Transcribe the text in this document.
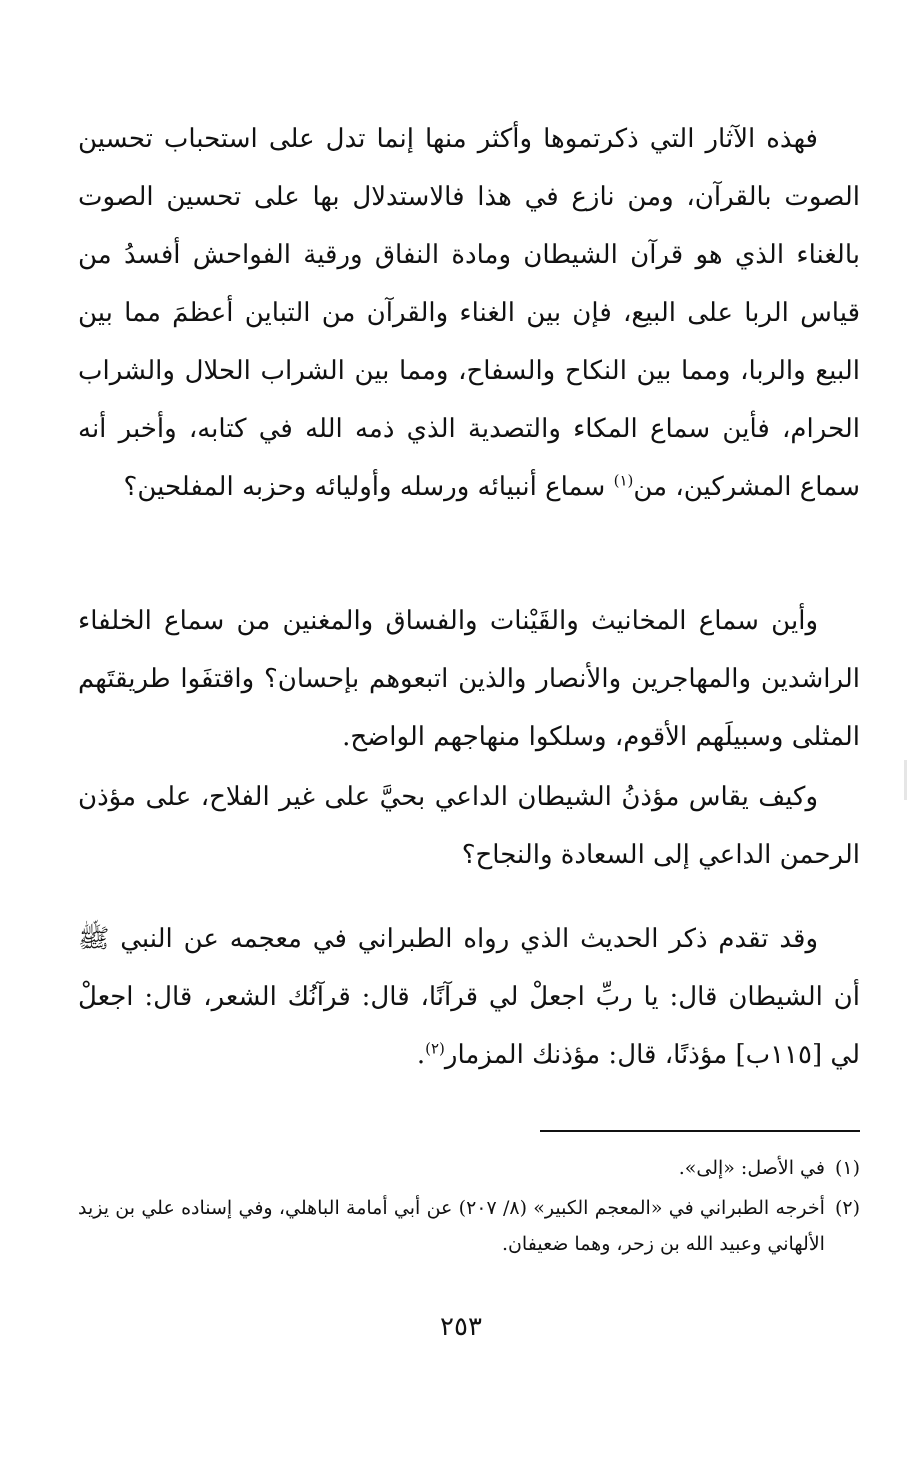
فهذه الآثار التي ذكرتموها وأكثر منها إنما تدل على استحباب تحسين الصوت بالقرآن، ومن نازع في هذا فالاستدلال بها على تحسين الصوت بالغناء الذي هو قرآن الشيطان ومادة النفاق ورقية الفواحش أفسدُ من قياس الربا على البيع، فإن بين الغناء والقرآن من التباين أعظمَ مما بين البيع والربا، ومما بين النكاح والسفاح، ومما بين الشراب الحلال والشراب الحرام، فأين سماع المكاء والتصدية الذي ذمه الله في كتابه، وأخبر أنه سماع المشركين، من$^{(١)}$ سماع أنبيائه ورسله وأوليائه وحزبه المفلحين؟

وأين سماع المخانيث والقَيْنات والفساق والمغنين من سماع الخلفاء الراشدين والمهاجرين والأنصار والذين اتبعوهم بإحسان؟ واقتفَوا طريقتَهم المثلى وسبيلَهم الأقوم، وسلكوا منهاجهم الواضح.

وكيف يقاس مؤذنُ الشيطان الداعي بحيَّ على غير الفلاح، على مؤذن الرحمن الداعي إلى السعادة والنجاح؟

وقد تقدم ذكر الحديث الذي رواه الطبراني في معجمه عن النبي ﷺ أن الشيطان قال: يا ربِّ اجعلْ لي قرآنًا، قال: قرآنُك الشعر، قال: اجعلْ لي [١١٥ب] مؤذنًا، قال: مؤذنك المزمار$^{(٢)}$.

(١)
في الأصل: «إلى».
(٢)
أخرجه الطبراني في «المعجم الكبير» (٨/ ٢٠٧) عن أبي أمامة الباهلي، وفي إسناده علي بن يزيد الألهاني وعبيد الله بن زحر، وهما ضعيفان.
٢٥٣
